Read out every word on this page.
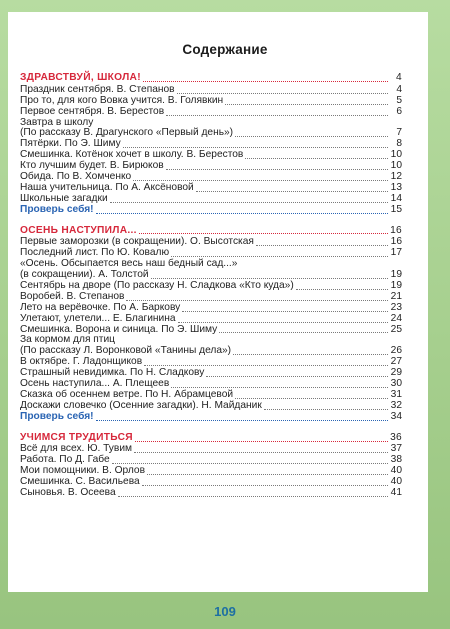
Содержание
ЗДРАВСТВУЙ, ШКОЛА!	4
Праздник сентября. В. Степанов	4
Про то, для кого Вовка учится. В. Голявкин	5
Первое сентября. В. Берестов	6
Завтра в школу
(По рассказу В. Драгунского «Первый день»)	7
Пятёрки. По Э. Шиму	8
Смешинка. Котёнок хочет в школу. В. Берестов	10
Кто лучшим будет. В. Бирюков	10
Обида. По В. Хомченко	12
Наша учительница. По А. Аксёновой	13
Школьные загадки	14
Проверь себя!	15
ОСЕНЬ НАСТУПИЛА...	16
Первые заморозки (в сокращении). О. Высотская	16
Последний лист. По Ю. Ковалю	17
«Осень. Обсыпается весь наш бедный сад...»
(в сокращении). А. Толстой	19
Сентябрь на дворе (По рассказу Н. Сладкова «Кто куда»)	19
Воробей. В. Степанов	21
Лето на верёвочке. По А. Баркову	23
Улетают, улетели... Е. Благинина	24
Смешинка. Ворона и синица. По Э. Шиму	25
За кормом для птиц
(По рассказу Л. Воронковой «Танины дела»)	26
В октябре. Г. Ладонщиков	27
Страшный невидимка. По Н. Сладкову	29
Осень наступила... А. Плещеев	30
Сказка об осеннем ветре. По Н. Абрамцевой	31
Доскажи словечко (Осенние загадки). Н. Майданик	32
Проверь себя!	34
УЧИМСЯ ТРУДИТЬСЯ	36
Всё для всех. Ю. Тувим	37
Работа. По Д. Габе	38
Мои помощники. В. Орлов	40
Смешинка. С. Васильева	40
Сыновья. В. Осеева	41
109
